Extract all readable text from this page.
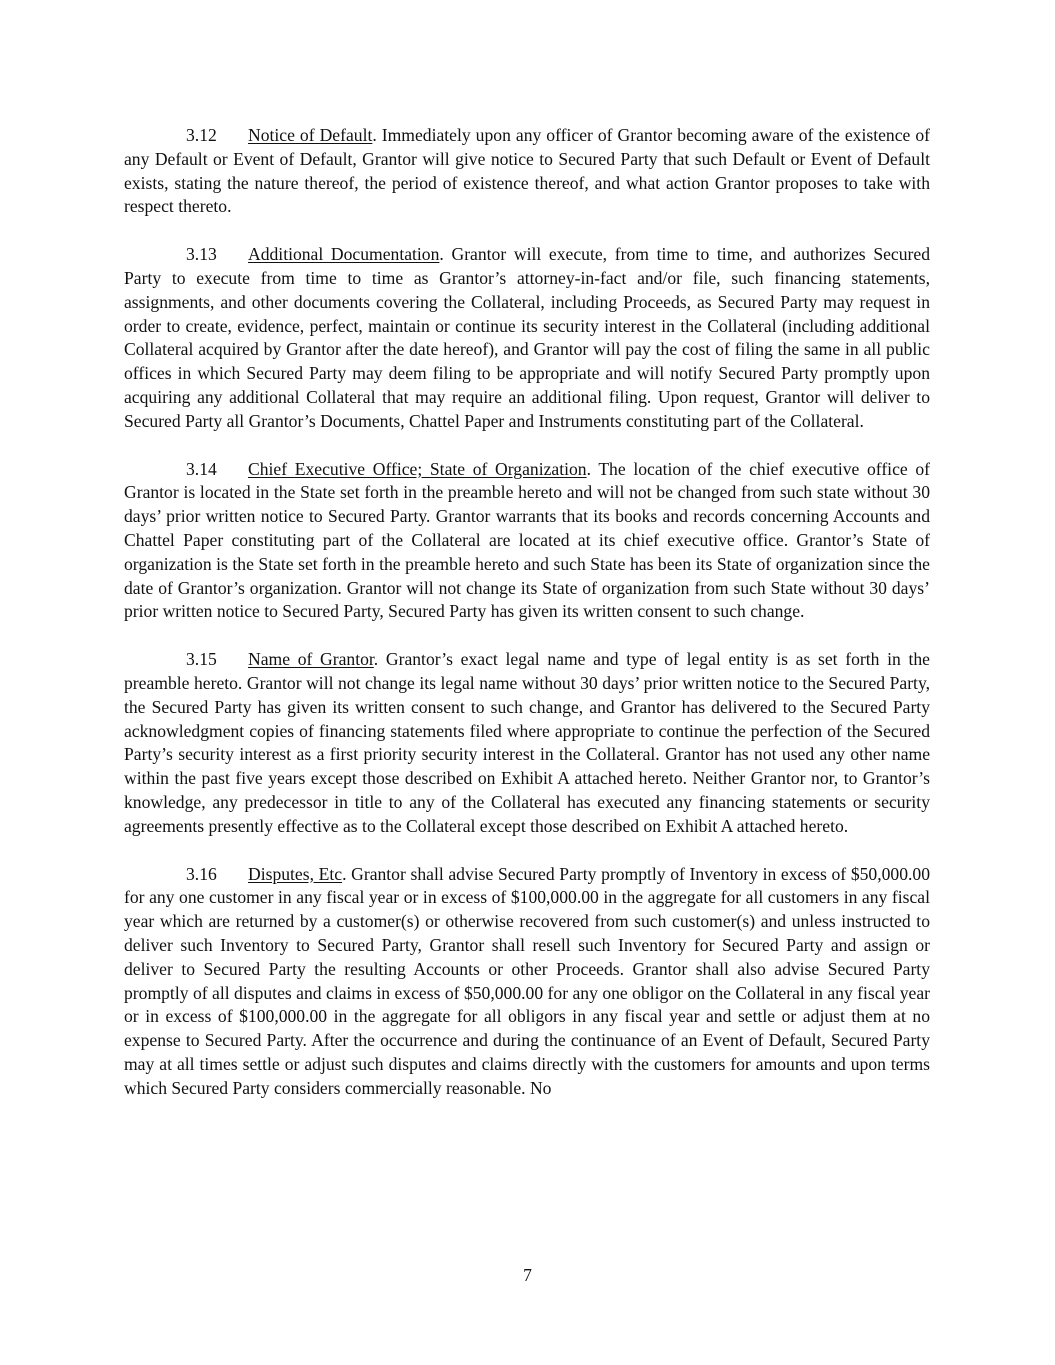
3.12 Notice of Default. Immediately upon any officer of Grantor becoming aware of the existence of any Default or Event of Default, Grantor will give notice to Secured Party that such Default or Event of Default exists, stating the nature thereof, the period of existence thereof, and what action Grantor proposes to take with respect thereto.

3.13 Additional Documentation. Grantor will execute, from time to time, and authorizes Secured Party to execute from time to time as Grantor’s attorney-in-fact and/or file, such financing statements, assignments, and other documents covering the Collateral, including Proceeds, as Secured Party may request in order to create, evidence, perfect, maintain or continue its security interest in the Collateral (including additional Collateral acquired by Grantor after the date hereof), and Grantor will pay the cost of filing the same in all public offices in which Secured Party may deem filing to be appropriate and will notify Secured Party promptly upon acquiring any additional Collateral that may require an additional filing. Upon request, Grantor will deliver to Secured Party all Grantor’s Documents, Chattel Paper and Instruments constituting part of the Collateral.

3.14 Chief Executive Office; State of Organization. The location of the chief executive office of Grantor is located in the State set forth in the preamble hereto and will not be changed from such state without 30 days’ prior written notice to Secured Party. Grantor warrants that its books and records concerning Accounts and Chattel Paper constituting part of the Collateral are located at its chief executive office. Grantor’s State of organization is the State set forth in the preamble hereto and such State has been its State of organization since the date of Grantor’s organization. Grantor will not change its State of organization from such State without 30 days’ prior written notice to Secured Party, Secured Party has given its written consent to such change.

3.15 Name of Grantor. Grantor’s exact legal name and type of legal entity is as set forth in the preamble hereto. Grantor will not change its legal name without 30 days’ prior written notice to the Secured Party, the Secured Party has given its written consent to such change, and Grantor has delivered to the Secured Party acknowledgment copies of financing statements filed where appropriate to continue the perfection of the Secured Party’s security interest as a first priority security interest in the Collateral. Grantor has not used any other name within the past five years except those described on Exhibit A attached hereto. Neither Grantor nor, to Grantor’s knowledge, any predecessor in title to any of the Collateral has executed any financing statements or security agreements presently effective as to the Collateral except those described on Exhibit A attached hereto.

3.16 Disputes, Etc. Grantor shall advise Secured Party promptly of Inventory in excess of $50,000.00 for any one customer in any fiscal year or in excess of $100,000.00 in the aggregate for all customers in any fiscal year which are returned by a customer(s) or otherwise recovered from such customer(s) and unless instructed to deliver such Inventory to Secured Party, Grantor shall resell such Inventory for Secured Party and assign or deliver to Secured Party the resulting Accounts or other Proceeds. Grantor shall also advise Secured Party promptly of all disputes and claims in excess of $50,000.00 for any one obligor on the Collateral in any fiscal year or in excess of $100,000.00 in the aggregate for all obligors in any fiscal year and settle or adjust them at no expense to Secured Party. After the occurrence and during the continuance of an Event of Default, Secured Party may at all times settle or adjust such disputes and claims directly with the customers for amounts and upon terms which Secured Party considers commercially reasonable. No

7
